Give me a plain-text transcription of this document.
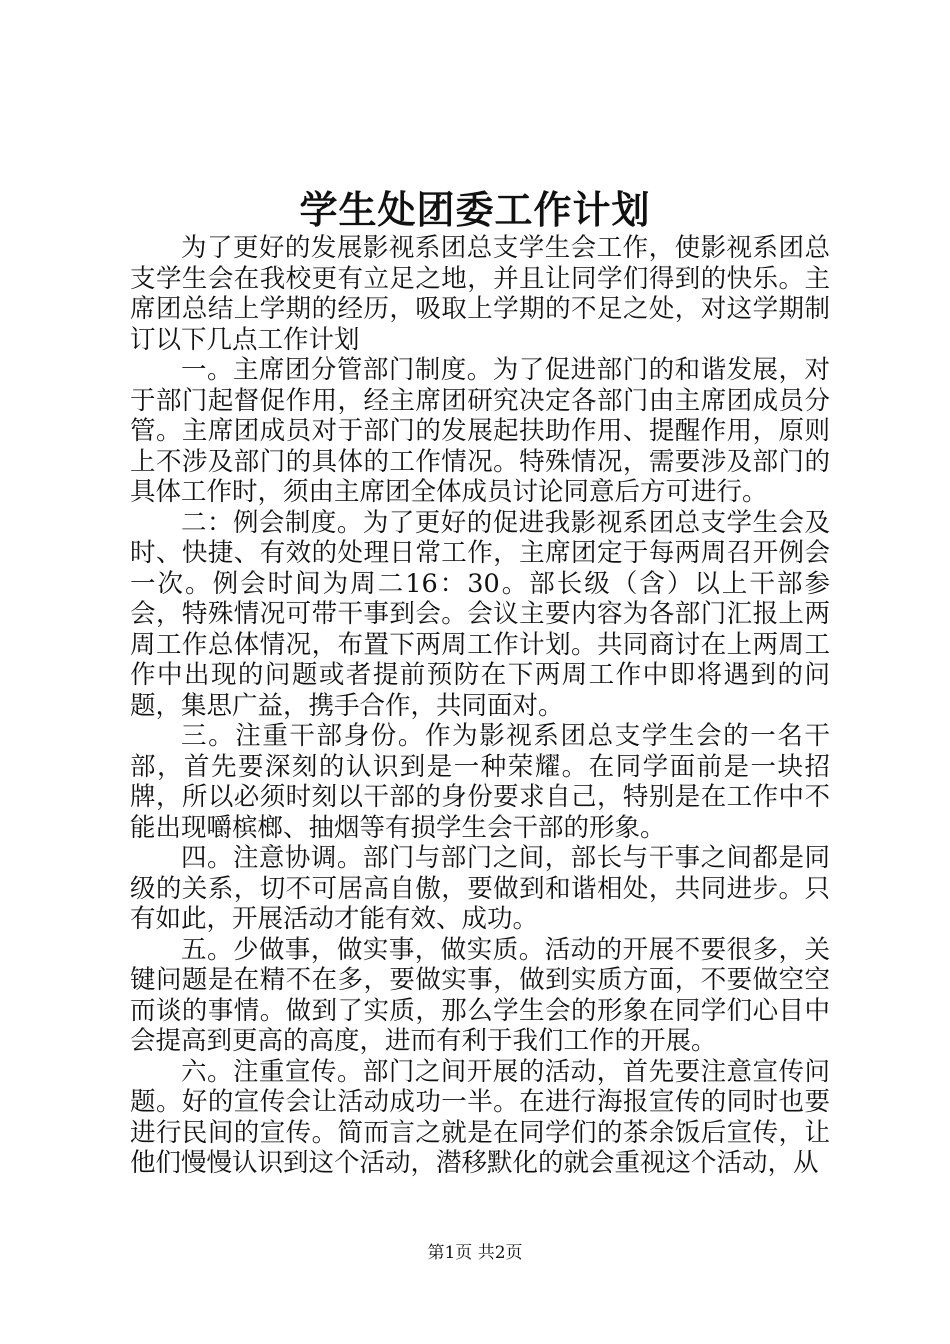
学生处团委工作计划

为了更好的发展影视系团总支学生会工作，使影视系团总支学生会在我校更有立足之地，并且让同学们得到的快乐。主席团总结上学期的经历，吸取上学期的不足之处，对这学期制订以下几点工作计划

一。主席团分管部门制度。为了促进部门的和谐发展，对于部门起督促作用，经主席团研究决定各部门由主席团成员分管。主席团成员对于部门的发展起扶助作用、提醒作用，原则上不涉及部门的具体的工作情况。特殊情况，需要涉及部门的具体工作时，须由主席团全体成员讨论同意后方可进行。

二：例会制度。为了更好的促进我影视系团总支学生会及时、快捷、有效的处理日常工作，主席团定于每两周召开例会一次。例会时间为周二16：30。部长级（含）以上干部参会，特殊情况可带干事到会。会议主要内容为各部门汇报上两周工作总体情况，布置下两周工作计划。共同商讨在上两周工作中出现的问题或者提前预防在下两周工作中即将遇到的问题，集思广益，携手合作，共同面对。

三。注重干部身份。作为影视系团总支学生会的一名干部，首先要深刻的认识到是一种荣耀。在同学面前是一块招牌，所以必须时刻以干部的身份要求自己，特别是在工作中不能出现嚼槟榔、抽烟等有损学生会干部的形象。

四。注意协调。部门与部门之间，部长与干事之间都是同级的关系，切不可居高自傲，要做到和谐相处，共同进步。只有如此，开展活动才能有效、成功。

五。少做事，做实事，做实质。活动的开展不要很多，关键问题是在精不在多，要做实事，做到实质方面，不要做空空而谈的事情。做到了实质，那么学生会的形象在同学们心目中会提高到更高的高度，进而有利于我们工作的开展。

六。注重宣传。部门之间开展的活动，首先要注意宣传问题。好的宣传会让活动成功一半。在进行海报宣传的同时也要进行民间的宣传。简而言之就是在同学们的茶余饭后宣传，让他们慢慢认识到这个活动，潜移默化的就会重视这个活动，从

第1页 共2页
